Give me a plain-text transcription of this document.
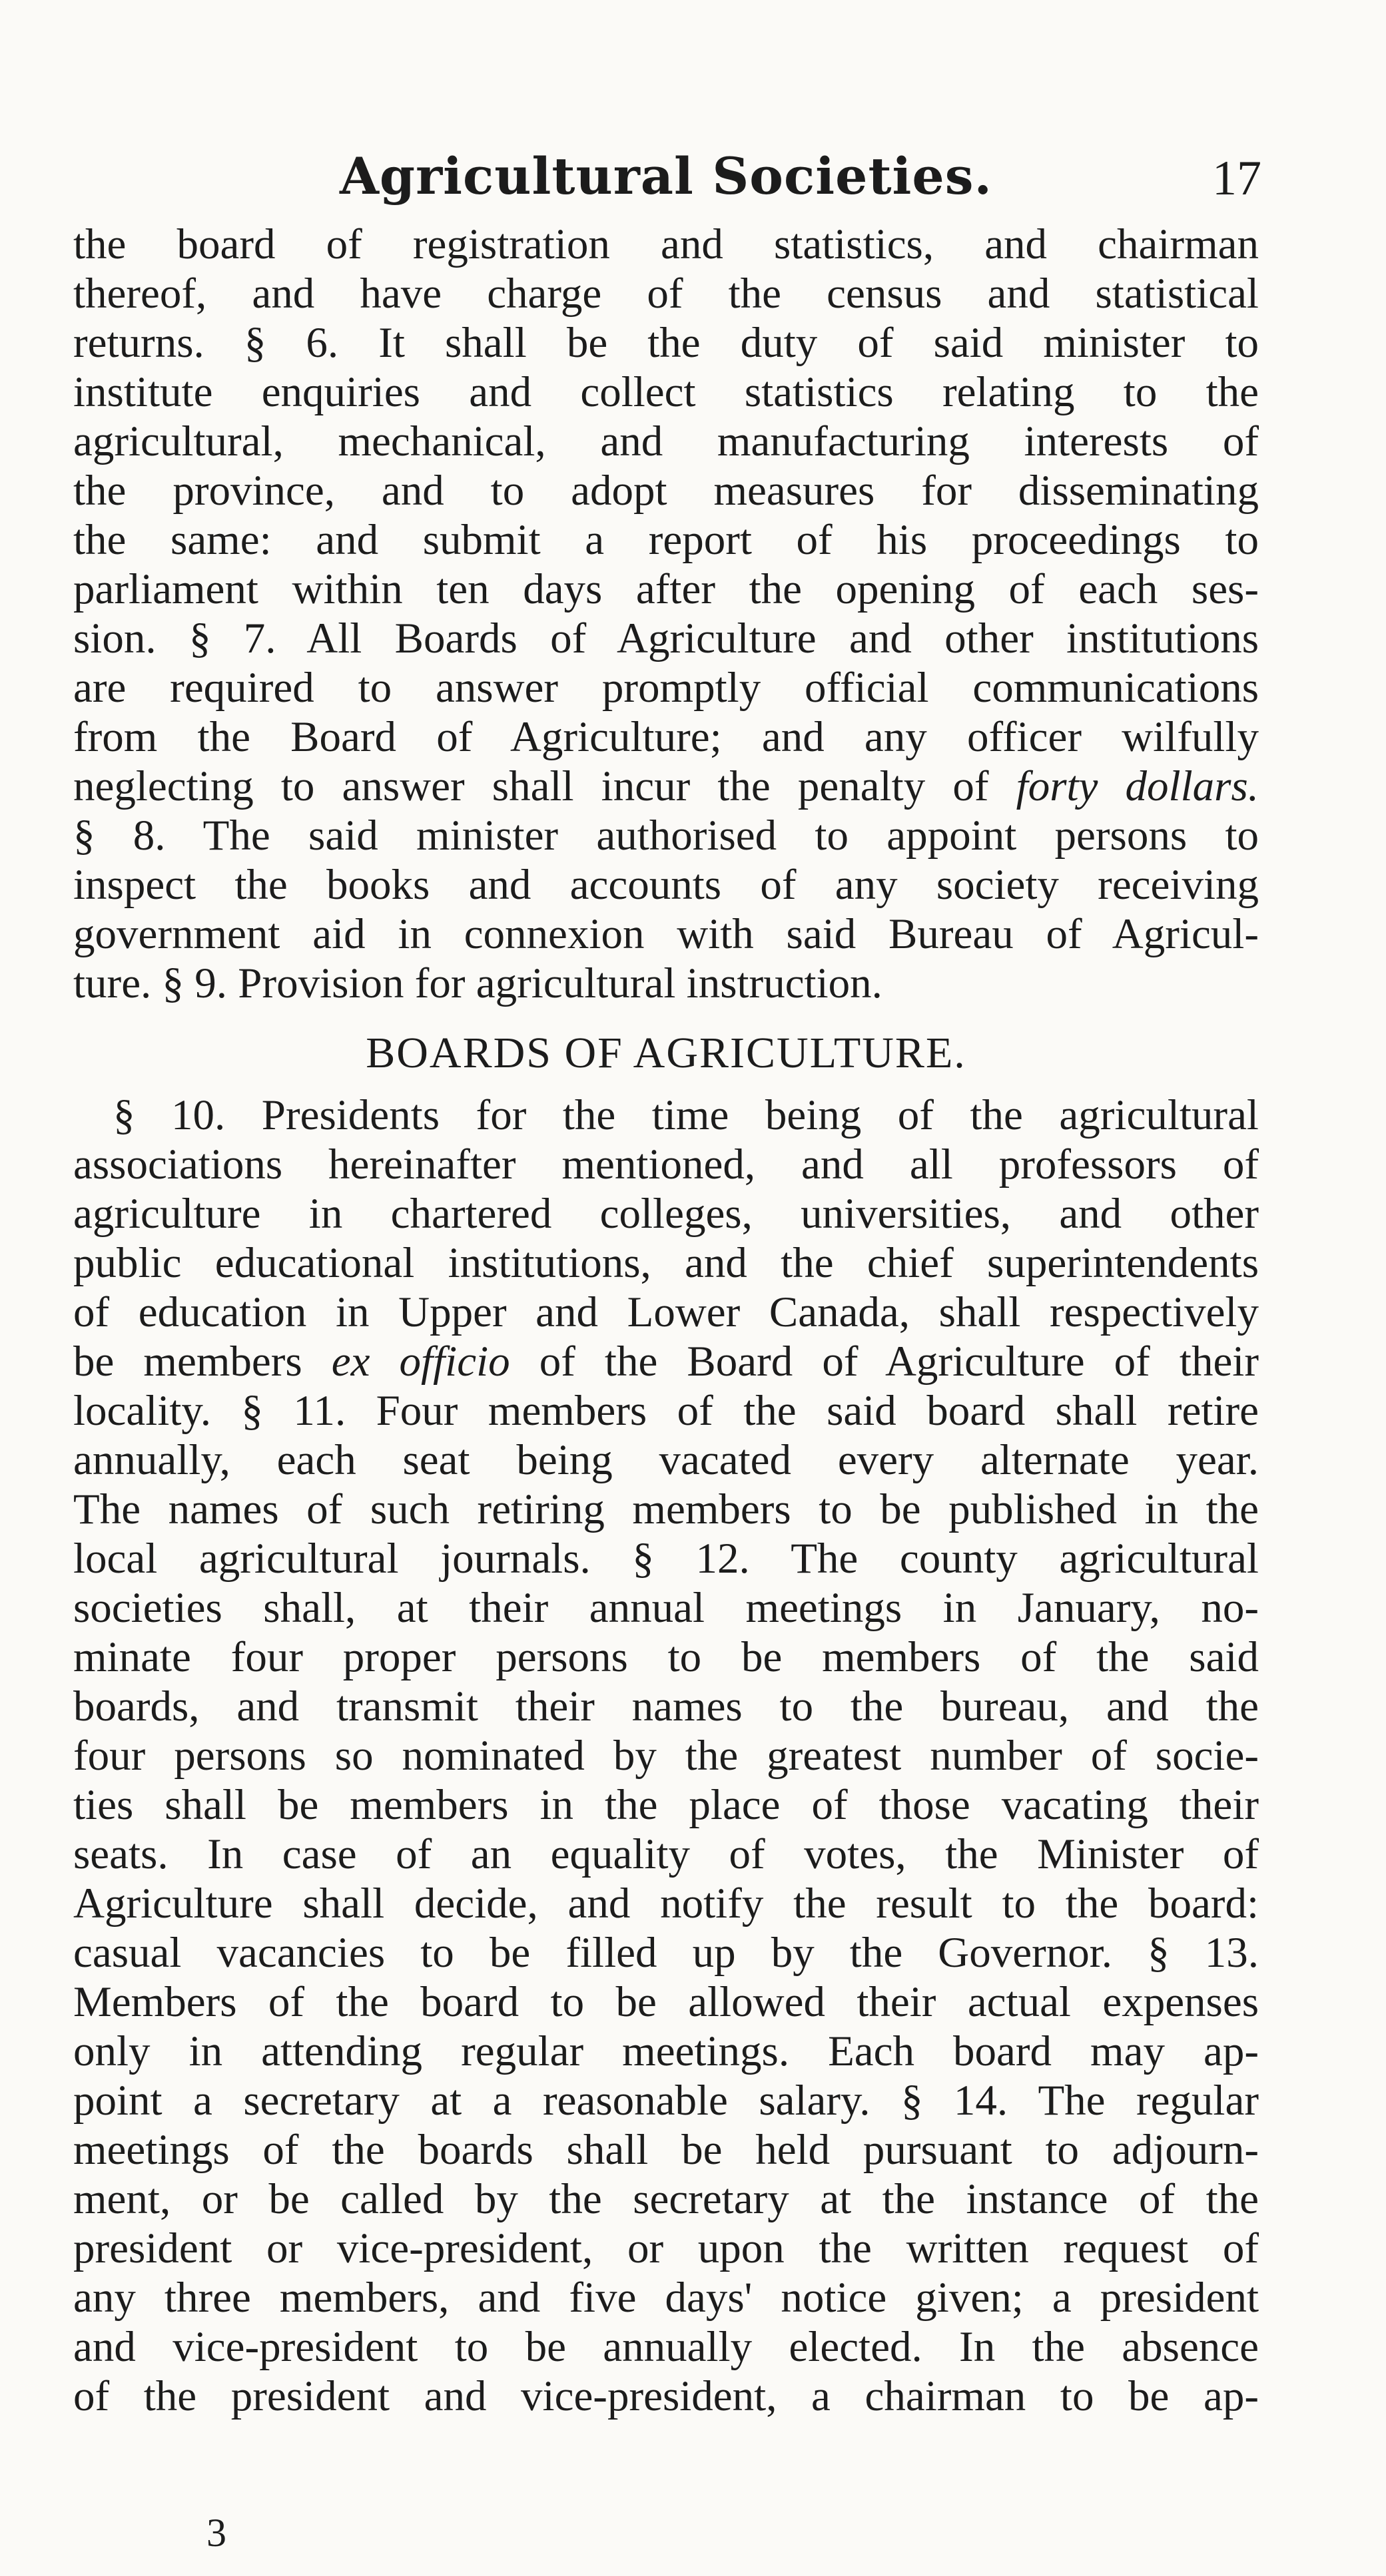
Agricultural Societies.	17

the board of registration and statistics, and chairman
thereof, and have charge of the census and statistical
returns. § 6. It shall be the duty of said minister to
institute enquiries and collect statistics relating to the
agricultural, mechanical, and manufacturing interests of
the province, and to adopt measures for disseminating
the same: and submit a report of his proceedings to
parliament within ten days after the opening of each ses-
sion. § 7. All Boards of Agriculture and other institutions
are required to answer promptly official communications
from the Board of Agriculture; and any officer wilfully
neglecting to answer shall incur the penalty of forty dollars.
§ 8. The said minister authorised to appoint persons to
inspect the books and accounts of any society receiving
government aid in connexion with said Bureau of Agricul-
ture. § 9. Provision for agricultural instruction.

BOARDS OF AGRICULTURE.

§ 10. Presidents for the time being of the agricultural
associations hereinafter mentioned, and all professors of
agriculture in chartered colleges, universities, and other
public educational institutions, and the chief superintendents
of education in Upper and Lower Canada, shall respectively
be members ex officio of the Board of Agriculture of their
locality. § 11. Four members of the said board shall retire
annually, each seat being vacated every alternate year.
The names of such retiring members to be published in the
local agricultural journals. § 12. The county agricultural
societies shall, at their annual meetings in January, no-
minate four proper persons to be members of the said
boards, and transmit their names to the bureau, and the
four persons so nominated by the greatest number of socie-
ties shall be members in the place of those vacating their
seats. In case of an equality of votes, the Minister of
Agriculture shall decide, and notify the result to the board:
casual vacancies to be filled up by the Governor. § 13.
Members of the board to be allowed their actual expenses
only in attending regular meetings. Each board may ap-
point a secretary at a reasonable salary. § 14. The regular
meetings of the boards shall be held pursuant to adjourn-
ment, or be called by the secretary at the instance of the
president or vice-president, or upon the written request of
any three members, and five days' notice given; a president
and vice-president to be annually elected. In the absence
of the president and vice-president, a chairman to be ap-

3
